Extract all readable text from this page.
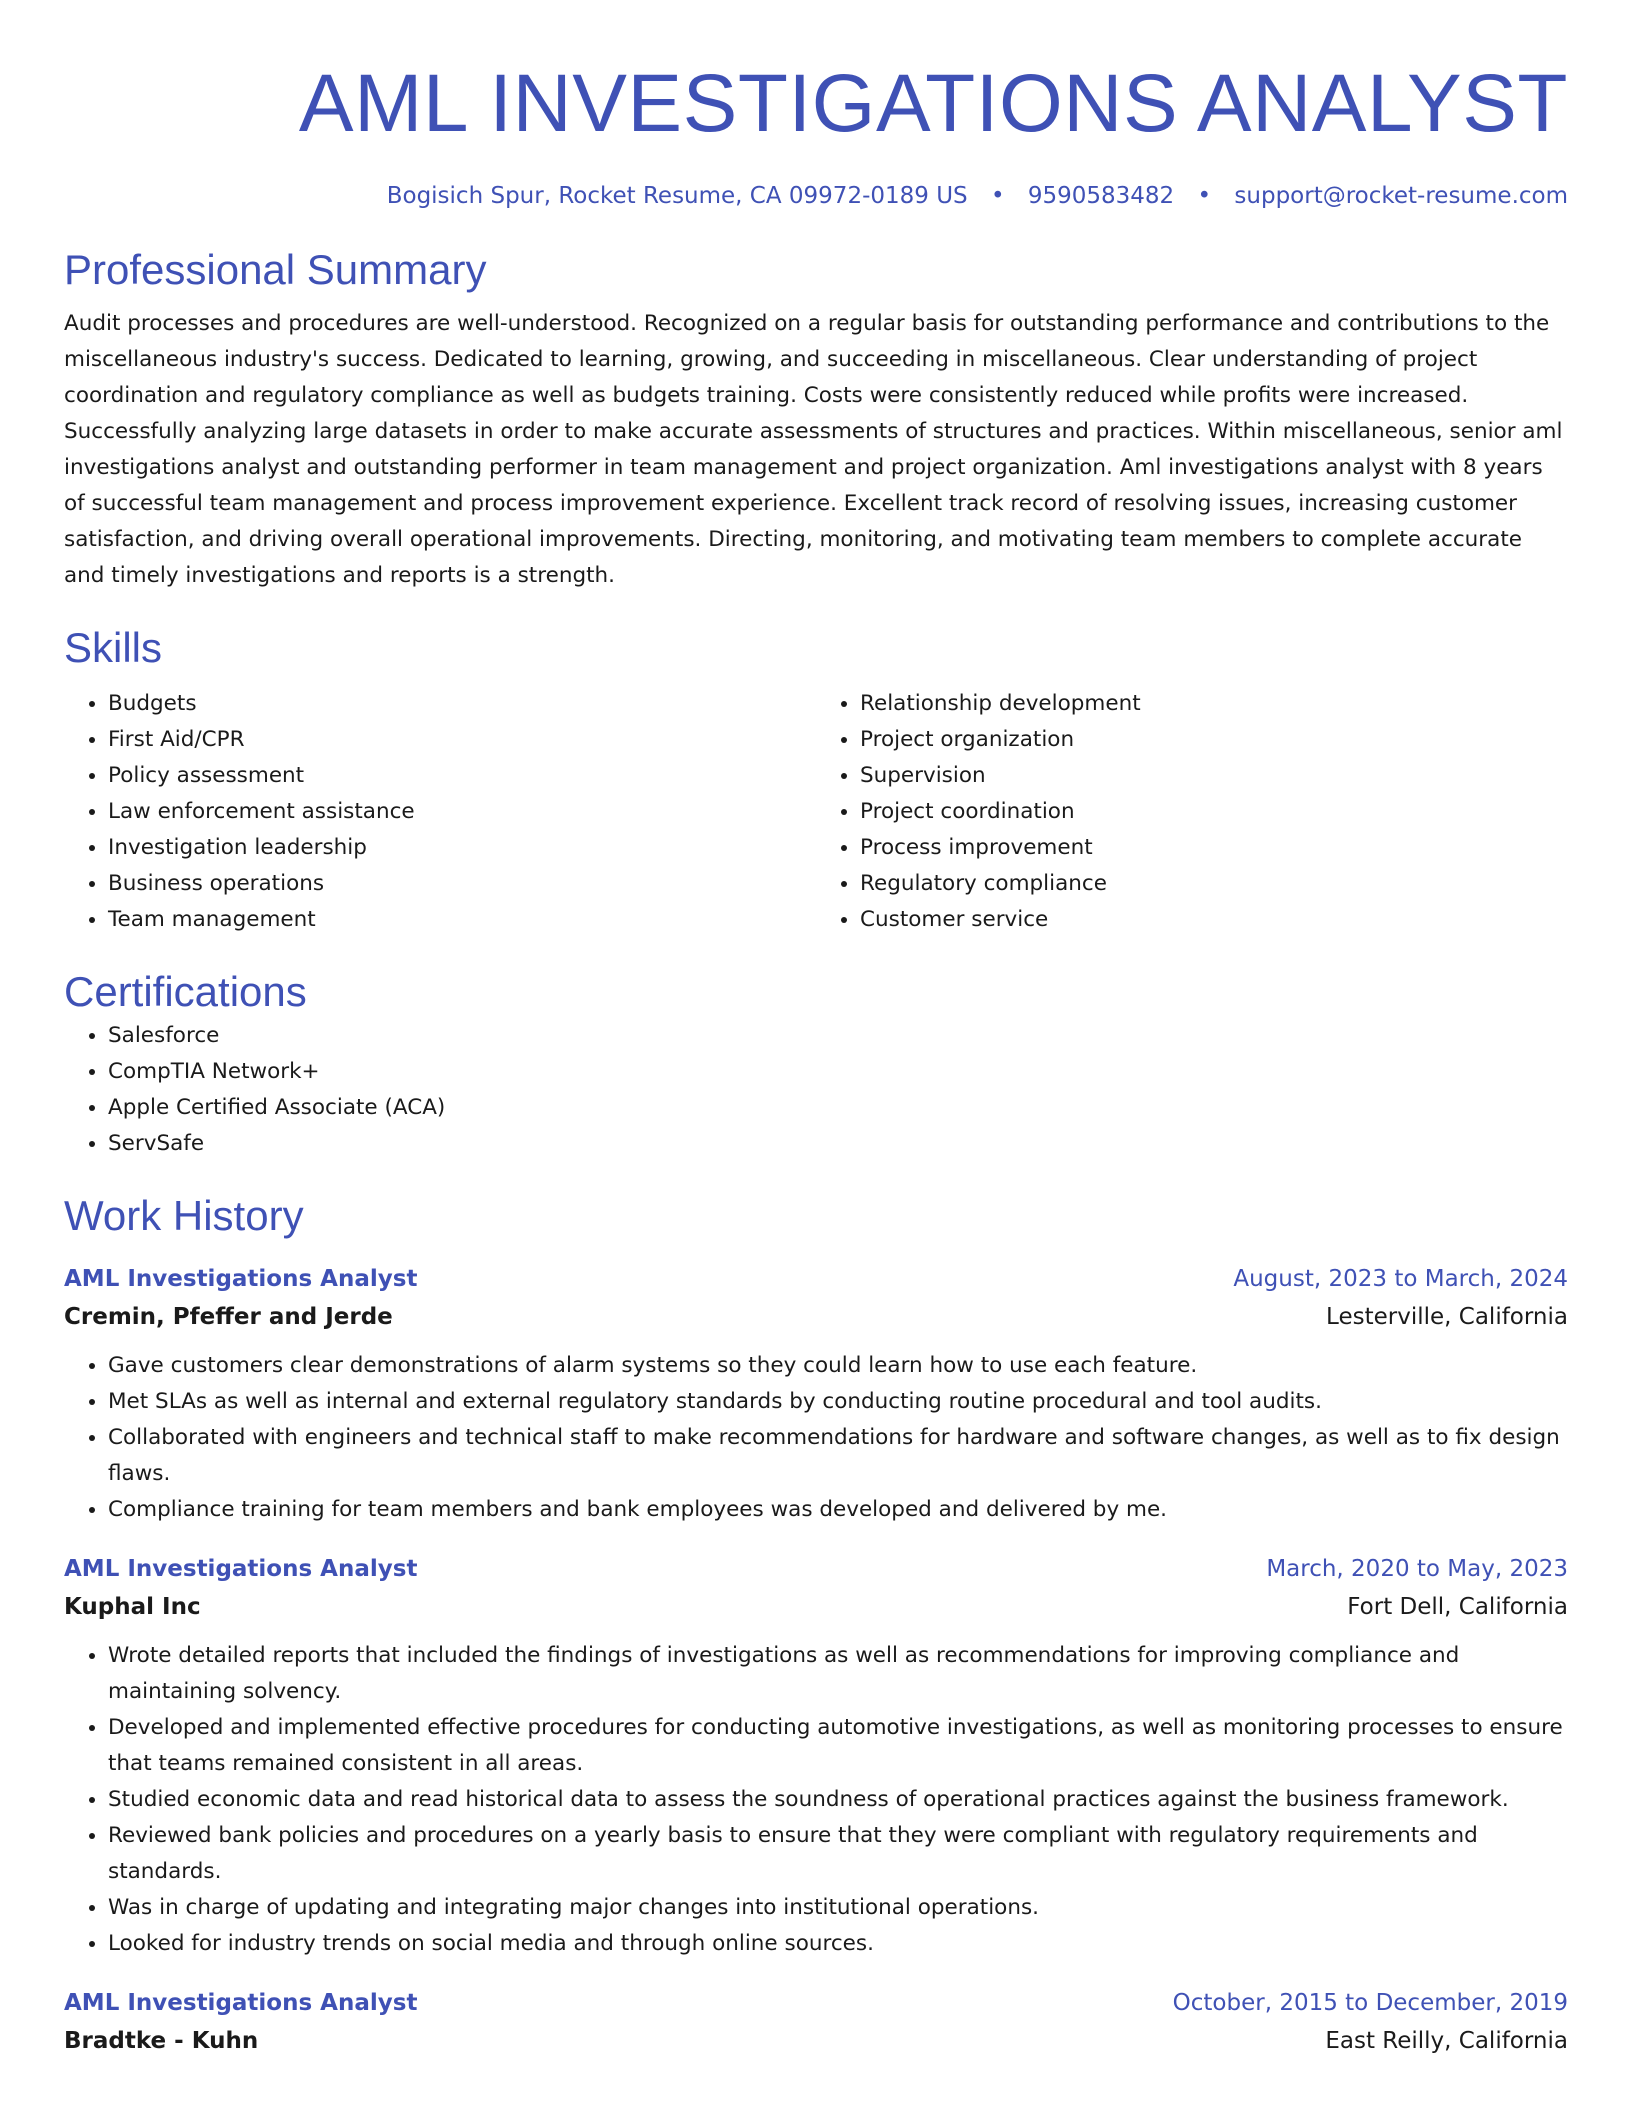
AML INVESTIGATIONS ANALYST
Bogisich Spur, Rocket Resume, CA 09972-0189 US • 9590583482 • support@rocket-resume.com
Professional Summary

Audit processes and procedures are well-understood. Recognized on a regular basis for outstanding performance and contributions to the miscellaneous industry's success. Dedicated to learning, growing, and succeeding in miscellaneous. Clear understanding of project coordination and regulatory compliance as well as budgets training. Costs were consistently reduced while profits were increased. Successfully analyzing large datasets in order to make accurate assessments of structures and practices. Within miscellaneous, senior aml investigations analyst and outstanding performer in team management and project organization. Aml investigations analyst with 8 years of successful team management and process improvement experience. Excellent track record of resolving issues, increasing customer satisfaction, and driving overall operational improvements. Directing, monitoring, and motivating team members to complete accurate and timely investigations and reports is a strength.

Skills
• Budgets
• First Aid/CPR
• Policy assessment
• Law enforcement assistance
• Investigation leadership
• Business operations
• Team management
• Relationship development
• Project organization
• Supervision
• Project coordination
• Process improvement
• Regulatory compliance
• Customer service
Certifications
• Salesforce
• CompTIA Network+
• Apple Certified Associate (ACA)
• ServSafe
Work History
AML Investigations Analyst	August, 2023 to March, 2024
Cremin, Pfeffer and Jerde	Lesterville, California
• Gave customers clear demonstrations of alarm systems so they could learn how to use each feature.
• Met SLAs as well as internal and external regulatory standards by conducting routine procedural and tool audits.
• Collaborated with engineers and technical staff to make recommendations for hardware and software changes, as well as to fix design flaws.
• Compliance training for team members and bank employees was developed and delivered by me.
AML Investigations Analyst	March, 2020 to May, 2023
Kuphal Inc	Fort Dell, California
• Wrote detailed reports that included the findings of investigations as well as recommendations for improving compliance and maintaining solvency.
• Developed and implemented effective procedures for conducting automotive investigations, as well as monitoring processes to ensure that teams remained consistent in all areas.
• Studied economic data and read historical data to assess the soundness of operational practices against the business framework.
• Reviewed bank policies and procedures on a yearly basis to ensure that they were compliant with regulatory requirements and standards.
• Was in charge of updating and integrating major changes into institutional operations.
• Looked for industry trends on social media and through online sources.
AML Investigations Analyst	October, 2015 to December, 2019
Bradtke - Kuhn	East Reilly, California
